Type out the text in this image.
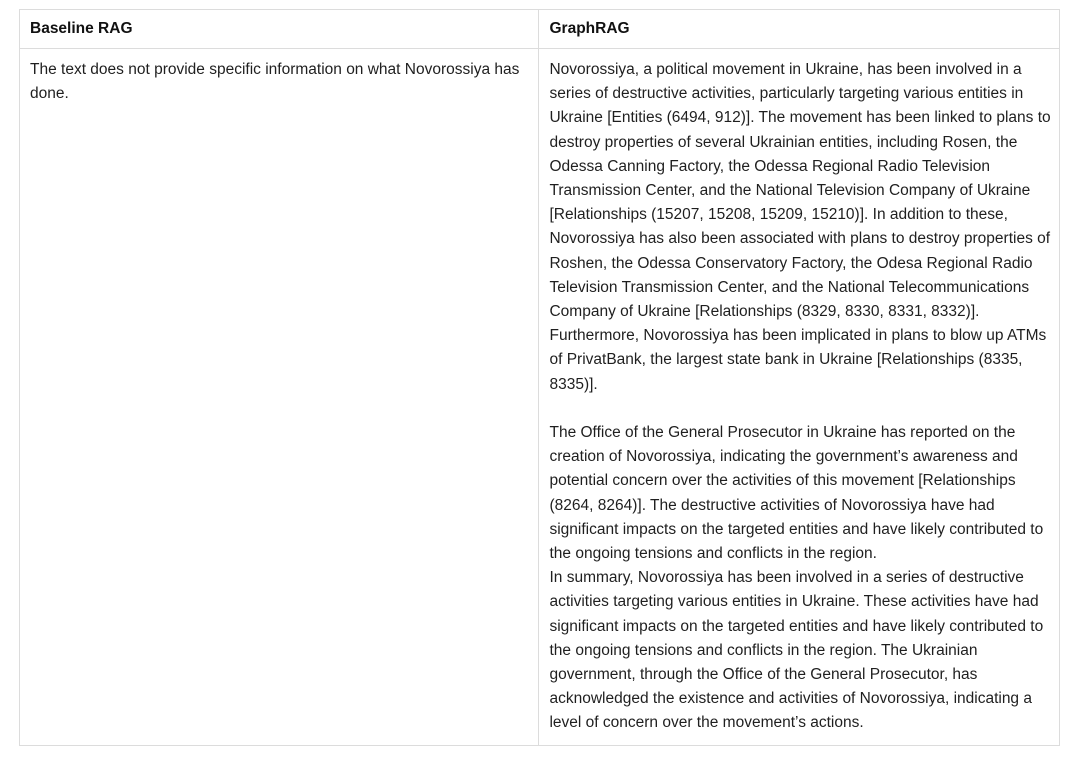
Baseline RAG	GraphRAG

The text does not provide specific information on what Novorossiya has done.	Novorossiya, a political movement in Ukraine, has been involved in a series of destructive activities, particularly targeting various entities in Ukraine [Entities (6494, 912)]. The movement has been linked to plans to destroy properties of several Ukrainian entities, including Rosen, the Odessa Canning Factory, the Odessa Regional Radio Television Transmission Center, and the National Television Company of Ukraine [Relationships (15207, 15208, 15209, 15210)]. In addition to these, Novorossiya has also been associated with plans to destroy properties of Roshen, the Odessa Conservatory Factory, the Odesa Regional Radio Television Transmission Center, and the National Telecommunications Company of Ukraine [Relationships (8329, 8330, 8331, 8332)]. Furthermore, Novorossiya has been implicated in plans to blow up ATMs of PrivatBank, the largest state bank in Ukraine [Relationships (8335, 8335)].

The Office of the General Prosecutor in Ukraine has reported on the creation of Novorossiya, indicating the government’s awareness and potential concern over the activities of this movement [Relationships (8264, 8264)]. The destructive activities of Novorossiya have had significant impacts on the targeted entities and have likely contributed to the ongoing tensions and conflicts in the region.

In summary, Novorossiya has been involved in a series of destructive activities targeting various entities in Ukraine. These activities have had significant impacts on the targeted entities and have likely contributed to the ongoing tensions and conflicts in the region. The Ukrainian government, through the Office of the General Prosecutor, has acknowledged the existence and activities of Novorossiya, indicating a level of concern over the movement’s actions.
